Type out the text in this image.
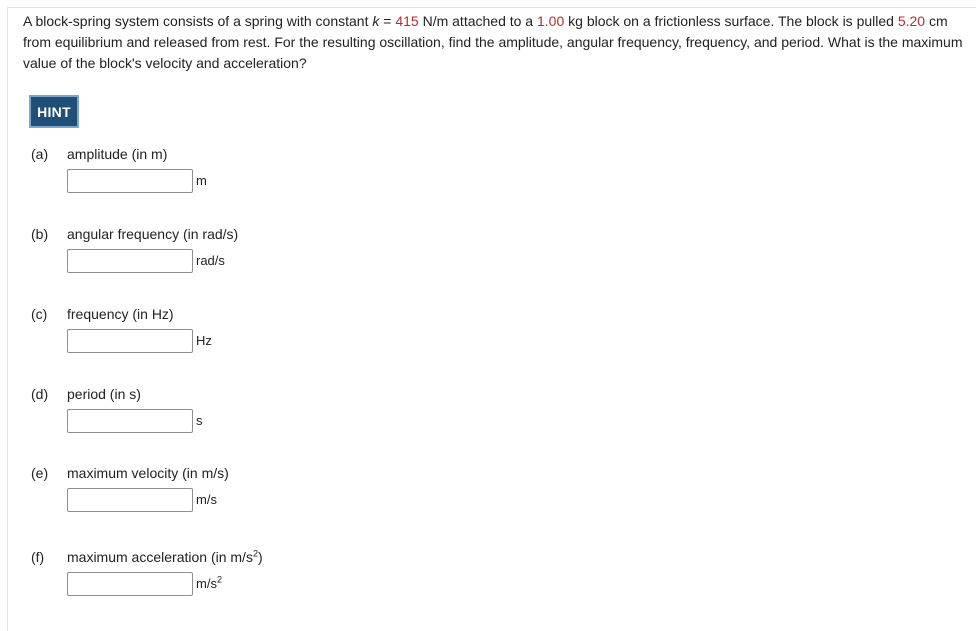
A block-spring system consists of a spring with constant k = 415 N/m attached to a 1.00 kg block on a frictionless surface. The block is pulled 5.20 cm from equilibrium and released from rest. For the resulting oscillation, find the amplitude, angular frequency, frequency, and period. What is the maximum value of the block's velocity and acceleration?
HINT
(a) amplitude (in m)
m
(b) angular frequency (in rad/s)
rad/s
(c) frequency (in Hz)
Hz
(d) period (in s)
s
(e) maximum velocity (in m/s)
m/s
(f) maximum acceleration (in $m/s^2$)
$m/s^2$
